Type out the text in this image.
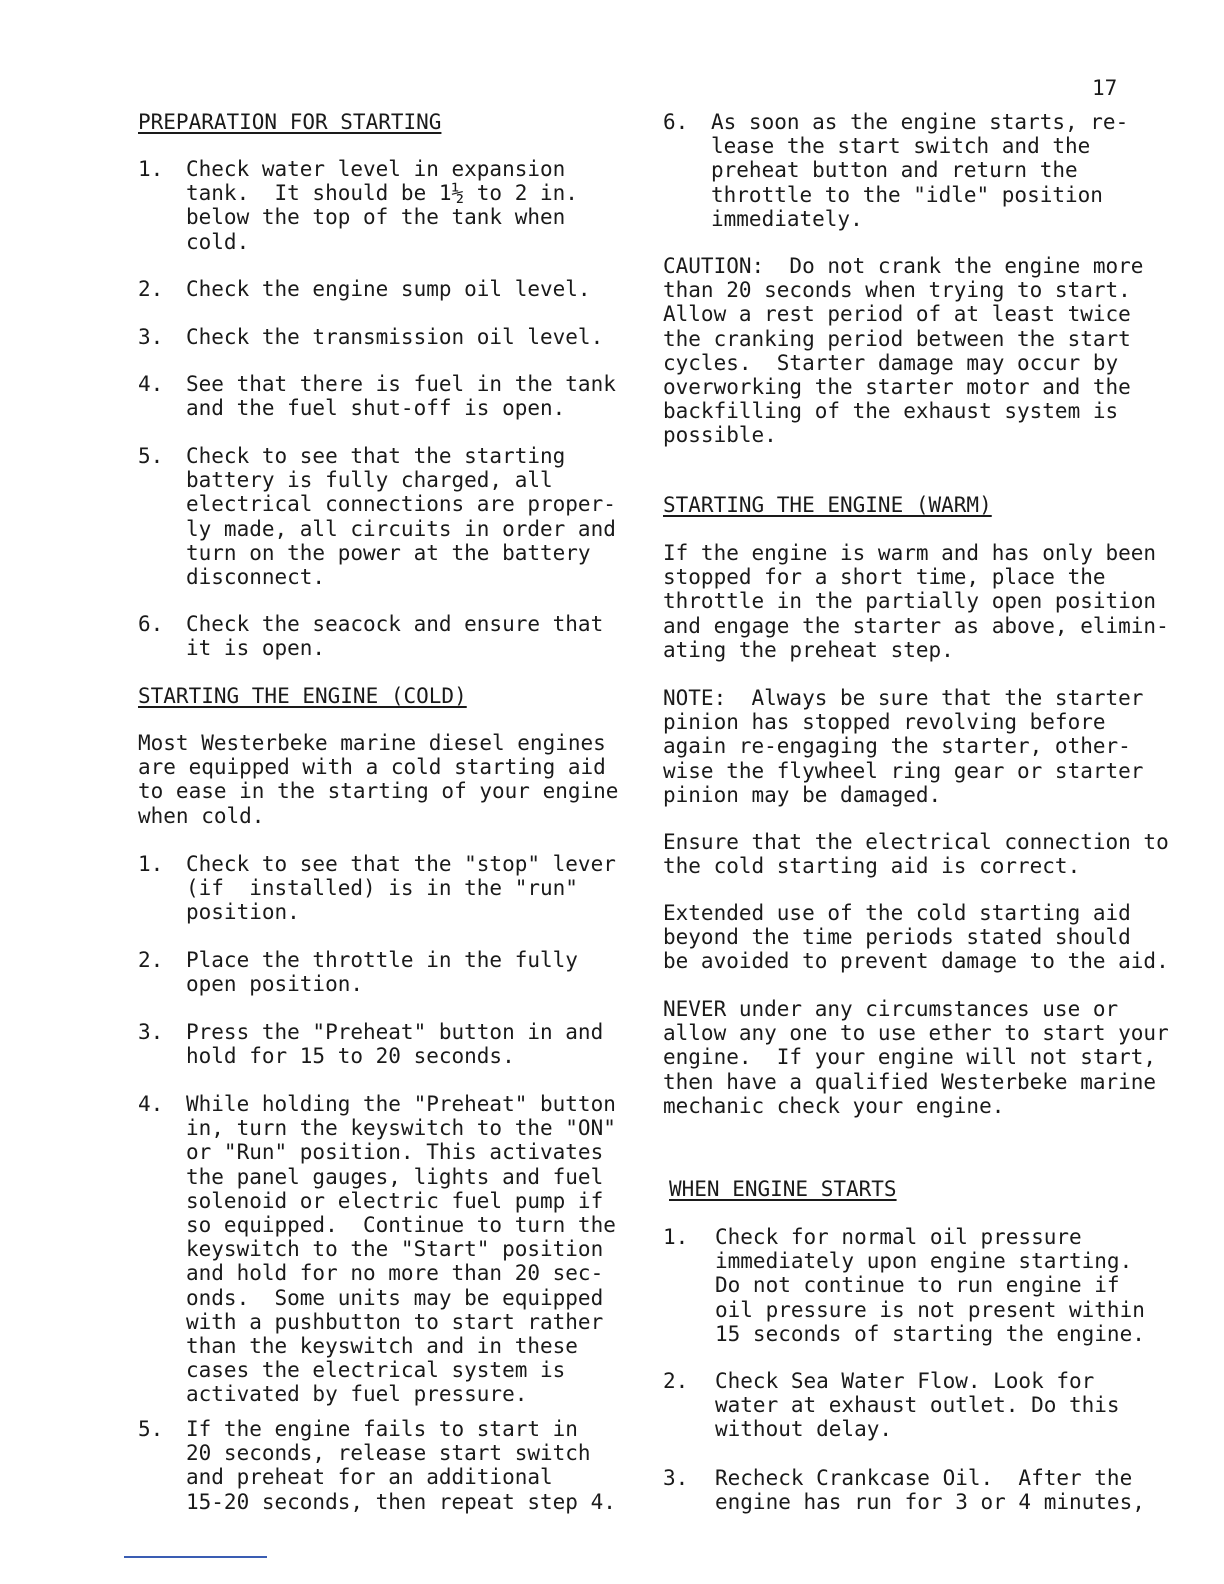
17
PREPARATION FOR STARTING
1.	Check water level in expansion
tank.  It should be 1½ to 2 in.
below the top of the tank when
cold.
2.	Check the engine sump oil level.
3.	Check the transmission oil level.
4.	See that there is fuel in the tank
and the fuel shut-off is open.
5.	Check to see that the starting
battery is fully charged, all
electrical connections are proper-
ly made, all circuits in order and
turn on the power at the battery
disconnect.
6.	Check the seacock and ensure that
it is open.
STARTING THE ENGINE (COLD)
Most Westerbeke marine diesel engines
are equipped with a cold starting aid
to ease in the starting of your engine
when cold.
1.	Check to see that the "stop" lever
(if  installed) is in the "run"
position.
2.	Place the throttle in the fully
open position.
3.	Press the "Preheat" button in and
hold for 15 to 20 seconds.
4.	While holding the "Preheat" button
in, turn the keyswitch to the "ON"
or "Run" position. This activates
the panel gauges, lights and fuel
solenoid or electric fuel pump if
so equipped.  Continue to turn the
keyswitch to the "Start" position
and hold for no more than 20 sec-
onds.  Some units may be equipped
with a pushbutton to start rather
than the keyswitch and in these
cases the electrical system is
activated by fuel pressure.
5.	If the engine fails to start in
20 seconds, release start switch
and preheat for an additional
15-20 seconds, then repeat step 4.
6.	As soon as the engine starts, re-
lease the start switch and the
preheat button and return the
throttle to the "idle" position
immediately.
CAUTION:  Do not crank the engine more
than 20 seconds when trying to start.
Allow a rest period of at least twice
the cranking period between the start
cycles.  Starter damage may occur by
overworking the starter motor and the
backfilling of the exhaust system is
possible.
STARTING THE ENGINE (WARM)
If the engine is warm and has only been
stopped for a short time, place the
throttle in the partially open position
and engage the starter as above, elimin-
ating the preheat step.
NOTE:  Always be sure that the starter
pinion has stopped revolving before
again re-engaging the starter, other-
wise the flywheel ring gear or starter
pinion may be damaged.
Ensure that the electrical connection to
the cold starting aid is correct.
Extended use of the cold starting aid
beyond the time periods stated should
be avoided to prevent damage to the aid.
NEVER under any circumstances use or
allow any one to use ether to start your
engine.  If your engine will not start,
then have a qualified Westerbeke marine
mechanic check your engine.
WHEN ENGINE STARTS
1.	Check for normal oil pressure
immediately upon engine starting.
Do not continue to run engine if
oil pressure is not present within
15 seconds of starting the engine.
2.	Check Sea Water Flow. Look for
water at exhaust outlet. Do this
without delay.
3.	Recheck Crankcase Oil.  After the
engine has run for 3 or 4 minutes,
